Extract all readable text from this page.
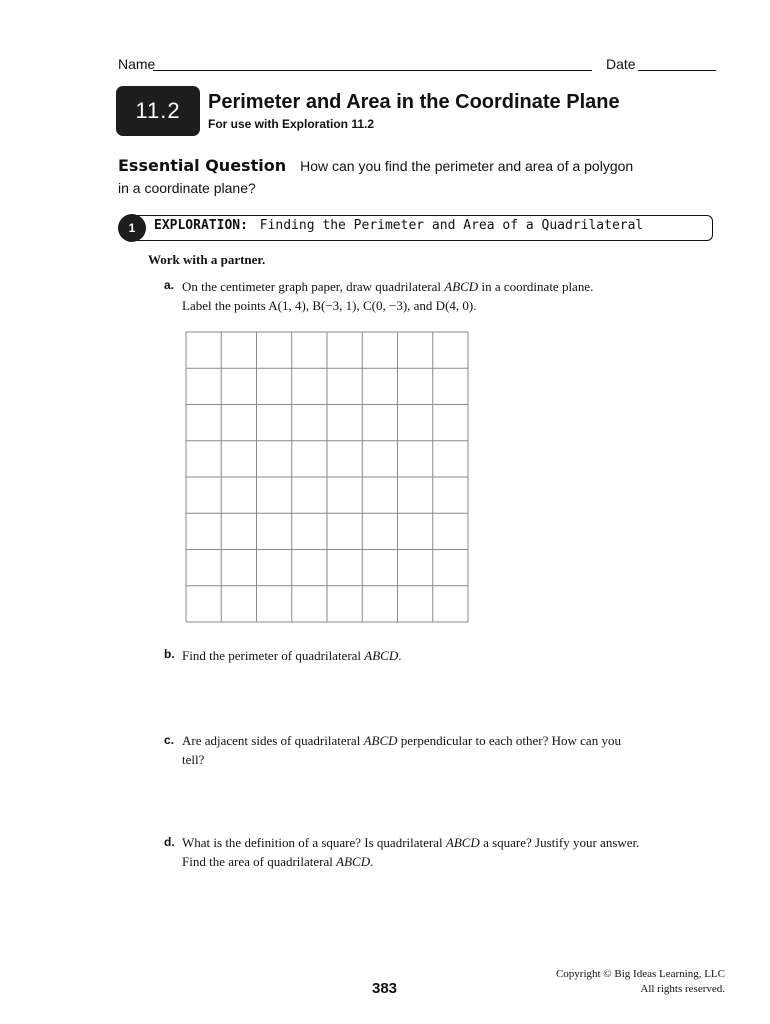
Name	Date
11.2 Perimeter and Area in the Coordinate Plane
For use with Exploration 11.2
Essential Question How can you find the perimeter and area of a polygon in a coordinate plane?
1 EXPLORATION: Finding the Perimeter and Area of a Quadrilateral
Work with a partner.
a. On the centimeter graph paper, draw quadrilateral ABCD in a coordinate plane.
Label the points A(1, 4), B(−3, 1), C(0, −3), and D(4, 0).
b. Find the perimeter of quadrilateral ABCD.
c. Are adjacent sides of quadrilateral ABCD perpendicular to each other? How can you tell?
d. What is the definition of a square? Is quadrilateral ABCD a square? Justify your answer. Find the area of quadrilateral ABCD.
383
Copyright © Big Ideas Learning, LLC
All rights reserved.
